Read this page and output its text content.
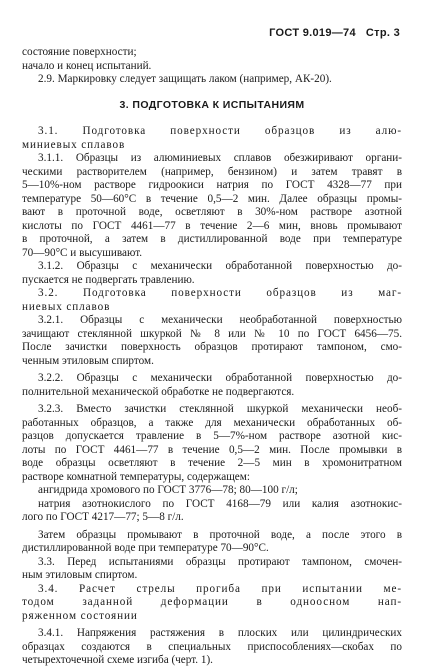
ГОСТ 9.019—74 Стр. 3
состояние поверхности;
начало и конец испытаний.
2.9. Маркировку следует защищать лаком (например, АК-20).
3. ПОДГОТОВКА К ИСПЫТАНИЯМ
3.1. Подготовка поверхности образцов из алю-
миниевых сплавов
3.1.1. Образцы из алюминиевых сплавов обезжиривают органи-
ческими растворителем (например, бензином) и затем травят в
5—10%-ном растворе гидроокиси натрия по ГОСТ 4328—77 при
температуре 50—60°С в течение 0,5—2 мин. Далее образцы промы-
вают в проточной воде, осветляют в 30%-ном растворе азотной
кислоты по ГОСТ 4461—77 в течение 2—6 мин, вновь промывают
в проточной, а затем в дистиллированной воде при температуре
70—90°С и высушивают.
3.1.2. Образцы с механически обработанной поверхностью до-
пускается не подвергать травлению.
3.2. Подготовка поверхности образцов из маг-
ниевых сплавов
3.2.1. Образцы с механически необработанной поверхностью
зачищают стеклянной шкуркой № 8 или № 10 по ГОСТ 6456—75.
После зачистки поверхность образцов протирают тампоном, смо-
ченным этиловым спиртом.
3.2.2. Образцы с механически обработанной поверхностью до-
полнительной механической обработке не подвергаются.
3.2.3. Вместо зачистки стеклянной шкуркой механически необ-
работанных образцов, а также для механически обработанных об-
разцов допускается травление в 5—7%-ном растворе азотной кис-
лоты по ГОСТ 4461—77 в течение 0,5—2 мин. После промывки в
воде образцы осветляют в течение 2—5 мин в хромонитратном
растворе комнатной температуры, содержащем:
ангидрида хромового по ГОСТ 3776—78; 80—100 г/л;
натрия азотнокислого по ГОСТ 4168—79 или калия азотнокис-
лого по ГОСТ 4217—77; 5—8 г/л.
Затем образцы промывают в проточной воде, а после этого в
дистиллированной воде при температуре 70—90°С.
3.3. Перед испытаниями образцы протирают тампоном, смочен-
ным этиловым спиртом.
3.4. Расчет стрелы прогиба при испытании ме-
тодом заданной деформации в одноосном нап-
ряженном состоянии
3.4.1. Напряжения растяжения в плоских или цилиндрических
образцах создаются в специальных приспособлениях—скобах по
четырехточечной схеме изгиба (черт. 1).
